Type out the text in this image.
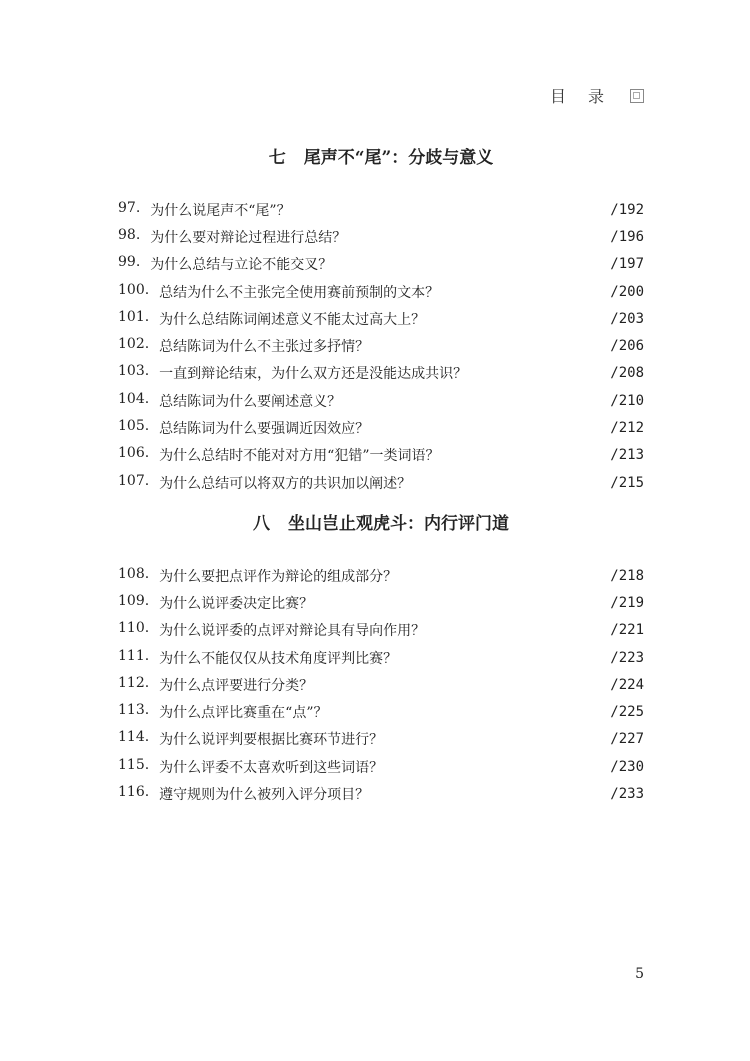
目录
七 尾声不“尾”：分歧与意义
97. 为什么说尾声不“尾”？	/192
98. 为什么要对辩论过程进行总结？	/196
99. 为什么总结与立论不能交叉？	/197
100. 总结为什么不主张完全使用赛前预制的文本？	/200
101. 为什么总结陈词阐述意义不能太过高大上？	/203
102. 总结陈词为什么不主张过多抒情？	/206
103. 一直到辩论结束，为什么双方还是没能达成共识？	/208
104. 总结陈词为什么要阐述意义？	/210
105. 总结陈词为什么要强调近因效应？	/212
106. 为什么总结时不能对对方用“犯错”一类词语？	/213
107. 为什么总结可以将双方的共识加以阐述？	/215
八 坐山岂止观虎斗：内行评门道
108. 为什么要把点评作为辩论的组成部分？	/218
109. 为什么说评委决定比赛？	/219
110. 为什么说评委的点评对辩论具有导向作用？	/221
111. 为什么不能仅仅从技术角度评判比赛？	/223
112. 为什么点评要进行分类？	/224
113. 为什么点评比赛重在“点”？	/225
114. 为什么说评判要根据比赛环节进行？	/227
115. 为什么评委不太喜欢听到这些词语？	/230
116. 遵守规则为什么被列入评分项目？	/233
5
